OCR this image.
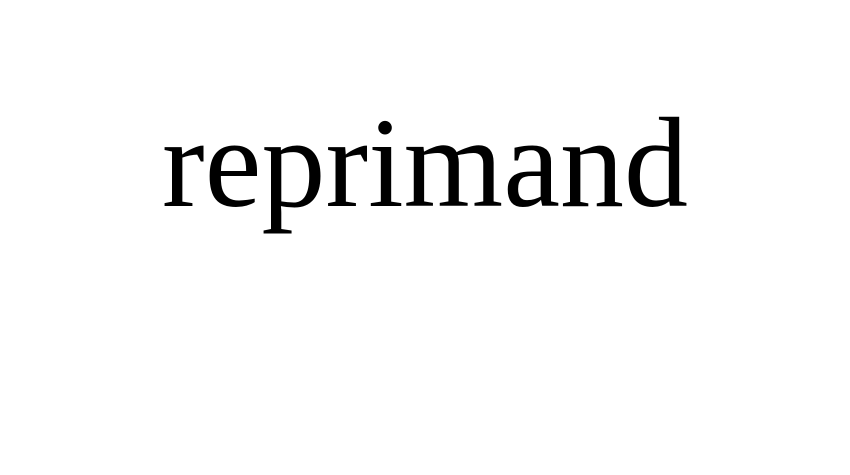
reprimand
